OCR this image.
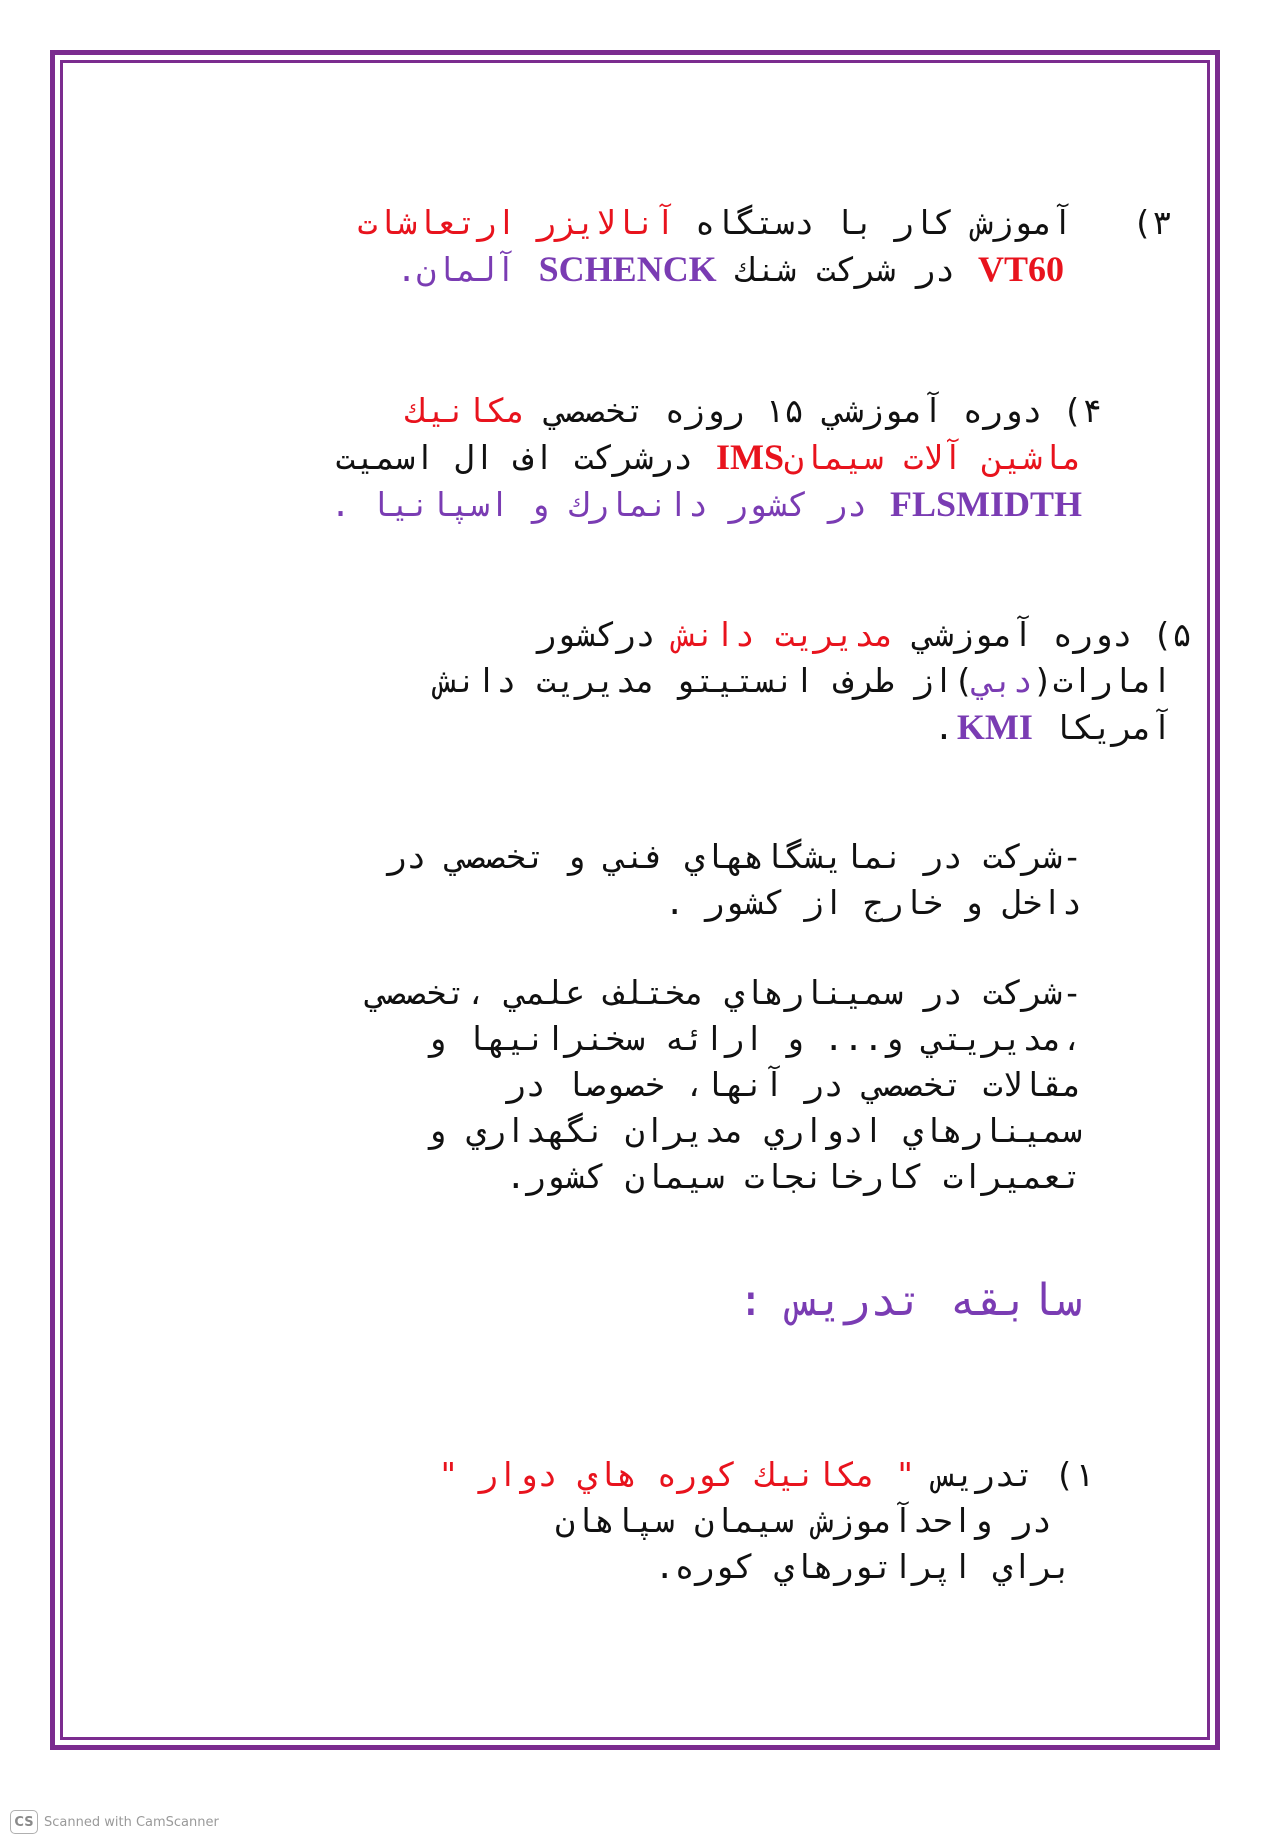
۳)   آموزش كار با دستگاه آنالايزر ارتعاشات
VT60 در شركت شنك SCHENCK آلمان.
۴) دوره آموزشي ۱۵ روزه تخصصي مكانيك
ماشين آلات سيمانIMS درشركت اف ال اسميت
FLSMIDTH در كشور دانمارك و اسپانيا .
۵) دوره آموزشي مديريت دانش دركشور
امارات(دبي)از طرف انستيتو مديريت دانش
آمريكا KMI.
-شركت در نمايشگاههاي فني و تخصصي در
داخل و خارج از كشور .
-شركت در سمينارهاي مختلف علمي ،تخصصي
،مديريتي و... و ارائه سخنرانيها و
مقالات تخصصي در آنها، خصوصا در
سمينارهاي ادواري مديران نگهداري و
تعميرات كارخانجات سيمان كشور.
سابقه تدريس :
۱) تدريس " مكانيك كوره هاي دوار "
در واحدآموزش سيمان سپاهان
براي اپراتورهاي كوره.
CS Scanned with CamScanner
